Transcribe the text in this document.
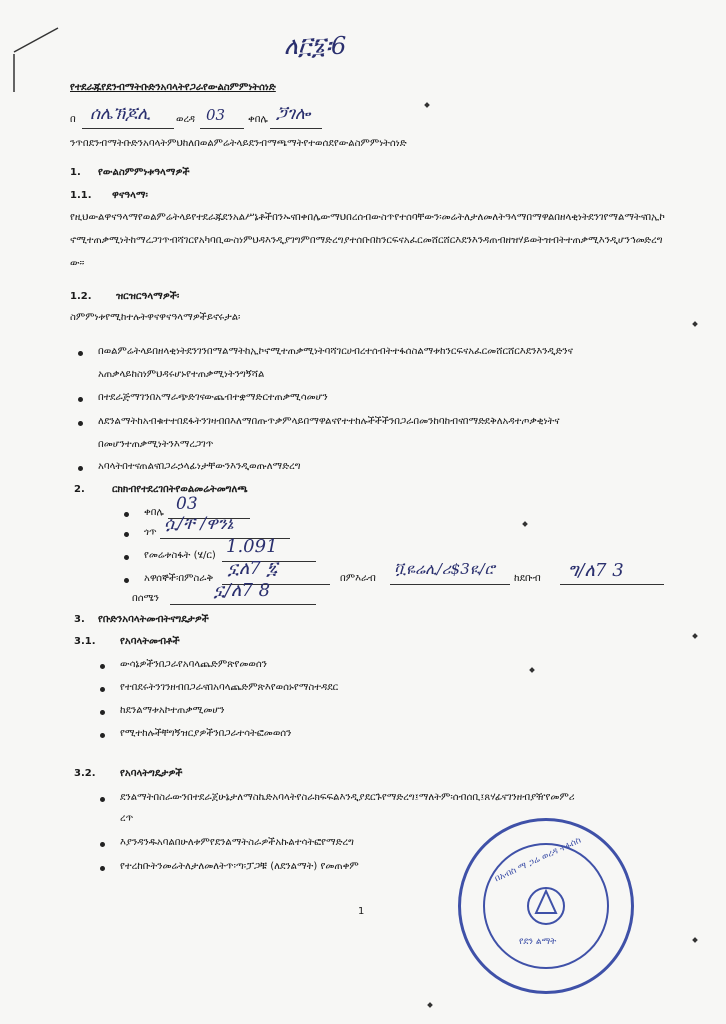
ለ፫፮፡6
የተደራጁየደንብማትቡድንአባላትየጋራየውልስምምነትሰነድ
በ ሰሌኽጆሊ	ወረዳ 03 ቀበሌ ጛገሎ
ንጥበደንብማትቡድንአባላትምህከለበወልምሬትላይደንብማጫማትየተወሰደየውልስምምነትሰነድ
1. የውልስምምነቱዓላማዎች
1.1. ዋናዓላማ፡
የዚህውልዋናዓላማየወልምሬትላይየተደራጁደንአልሥኔቶችበንኡናበቀበሌውማህበረሰብውስጥየተሰባቸውን፡መሬትለታለመለትዓላማበማዋልበዘላቂነትደንገየማልማትናበኢኮኖሚተጠቃሚነትከማረጋገጥብሻገርየአካባቢውስነምህዳእንዲያገግምበማድረግያተሰቡበከንርፍናአፈርመሸርሸርእደንእንዳጠብዘዝሃይወትዝብትተጠቃሚእንዲሆንኅመድረግው።
1.2. ዝርዝርዓላማዎች፡
ስምምነቱየሚከተሉትዋናዋናዓላማዎችይኖሩታል፡
በወልምሬትላይበዘላቂነትደንገንበማልማትከኢኮኖሚተጠቃሚነትባሻገርሀብረተሰብትተፋሰስልማቱከንርፍናአፈርመሸርሸርእደንእንዲድንና
አጠቃላይከስነምህዳሩሆኑየተጠቃሚነትንግኝሻል
በተደራጅማገንበአማራጭድገናውጨብተቋማድርተጠቃሚሳመሆን
ለደንልማትከአብቁተተበደፋትንገዛብበእለማበጡጥቃምላይበማዋልናየተተከሉችችችንበጋራበመንከባከብናበማድደቅለአዳተጦቃቂነትና
በመሆንተጠቃሚነትንእማረጋገጥ
አባላትበተናጠልናበጋራኃላፊነታቸውንእንዲወጡለማድረግ
2.	ርክክብየተደረገበትየወልመሬትመግለጫ
ቀበሌ 03
ጎጥ ሷ/ቸ /ዋንኔ
የመሬቱስፋት (ሄ/ር) 1.091
አዋሰኞች፡በምስራቅ ኗለ7 ፯	በምእራብ
ቯዬሬሊ/ሪ$3ዪ/ሮ
ከደቡብ ግ/ለ7 3
በሰሜን	ኗ/ለ7 8
3. የቡድንአባላትመብትናግዴታዎች
3.1. የአባላትመብቶች
ውሳኔዎችንበጋራየአባላጨድምጽየመወሰን
የተበደሩትንገንዘብበጋራናበአባላጨድምጽእየወሰኑየማስተዳደር
ከደንልማቱአኮተጠቃሚመሆን
የሚተከሉችቸግኝዝርያዎችንበጋራተሳትፎመወሰን
3.2. የአባላትግዴታዎች
ደንልማትበስራውንበተደራጀሁኔታለማስኬድአባላትየስራክፍፍልእንዲያደርጉየማድረግ፤ማለትም፡ሰብሰቢ፤ጸሃፊናገንዘብያዥየመምሪ
ረጥ
እያንዳንዱአባልበሁለቱምየደንልማትስራዎችአኩልተሳትፎየማድረግ
የተረከቡትንመሬትለታለመለትጥ፡ጣ፡ፓጋቹ (ለደንልማት) የመጠቀም
1
በአብስ ማ ጋሬ ወረዳ ተፋሰስ
የደን ልማት
